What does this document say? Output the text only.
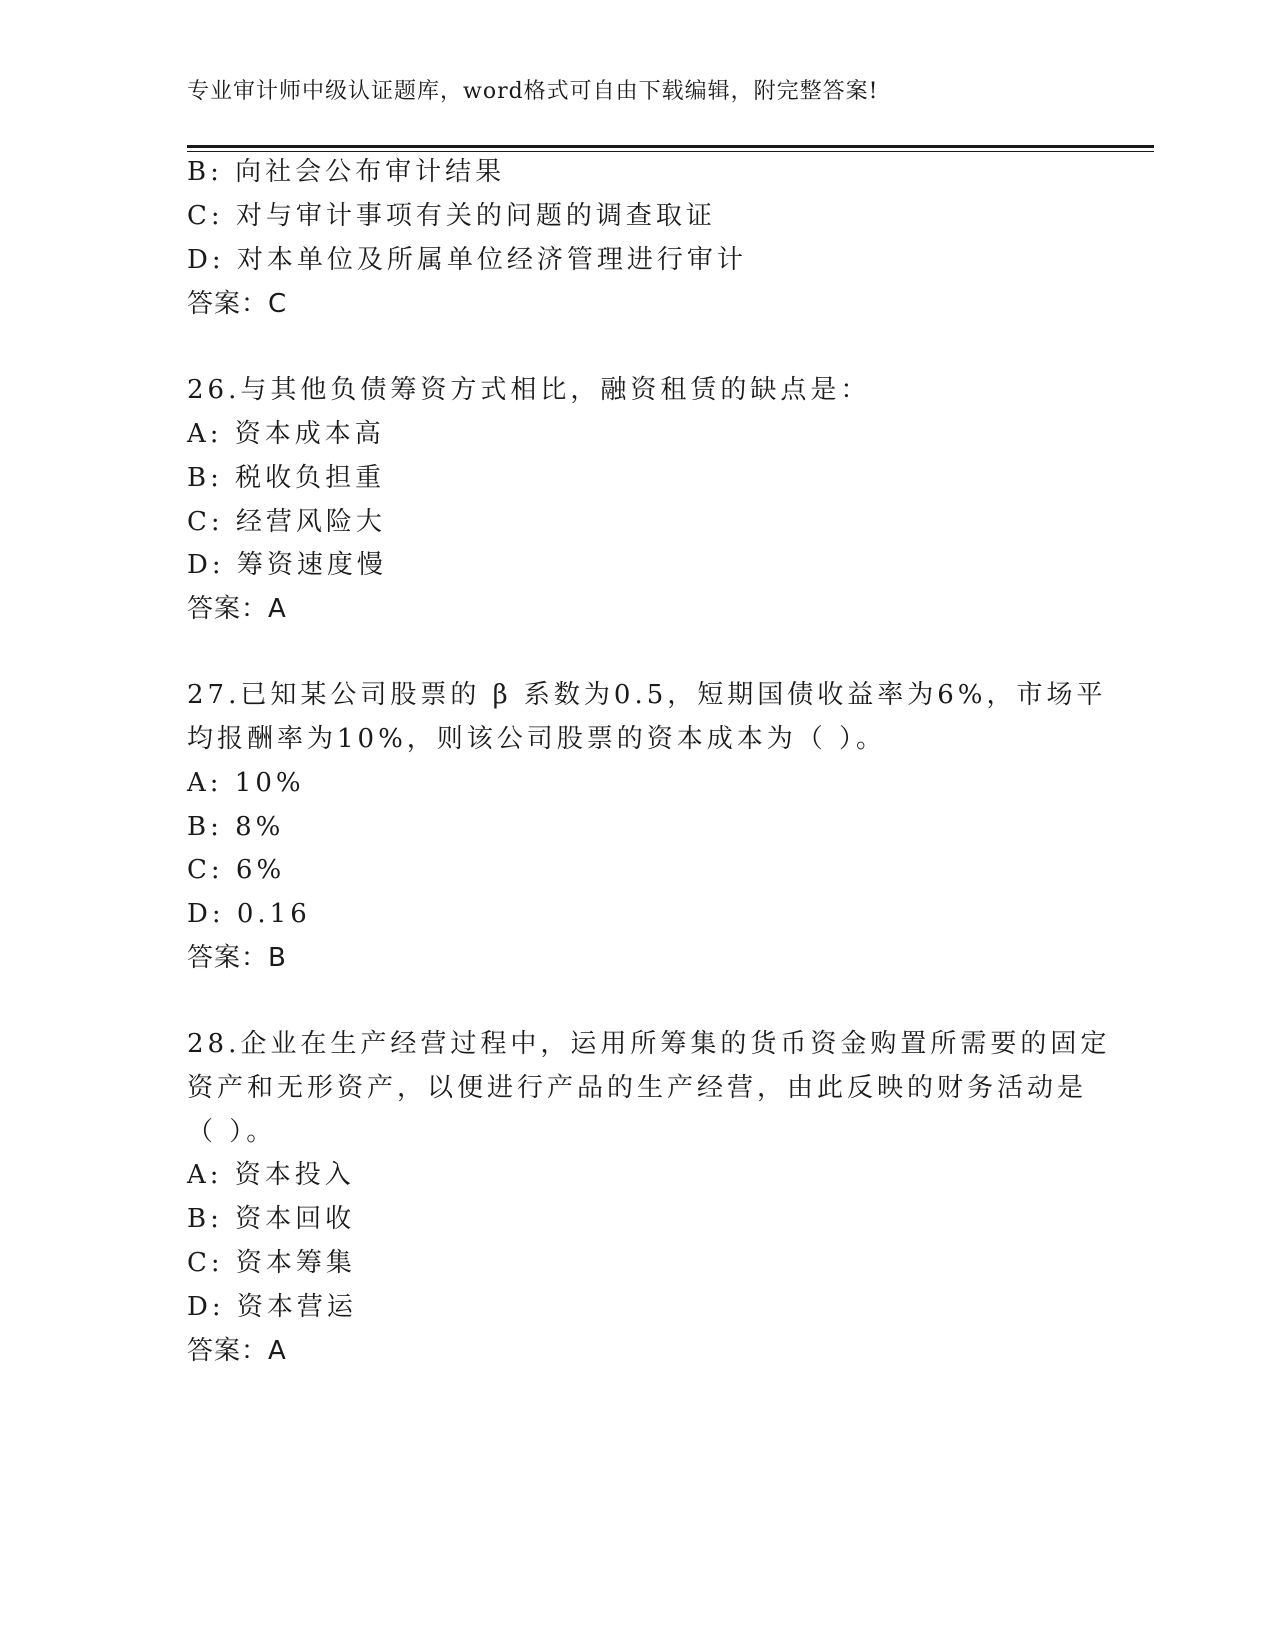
专业审计师中级认证题库，word格式可自由下载编辑，附完整答案!
B: 向社会公布审计结果
C: 对与审计事项有关的问题的调查取证
D: 对本单位及所属单位经济管理进行审计
答案：C
26.与其他负债筹资方式相比，融资租赁的缺点是：
A: 资本成本高
B: 税收负担重
C: 经营风险大
D: 筹资速度慢
答案：A
27.已知某公司股票的 β 系数为0.5，短期国债收益率为6%，市场平
均报酬率为10%，则该公司股票的资本成本为（ ）。
A: 10%
B: 8%
C: 6%
D: 0.16
答案：B
28.企业在生产经营过程中，运用所筹集的货币资金购置所需要的固定
资产和无形资产，以便进行产品的生产经营，由此反映的财务活动是
（ ）。
A: 资本投入
B: 资本回收
C: 资本筹集
D: 资本营运
答案：A
